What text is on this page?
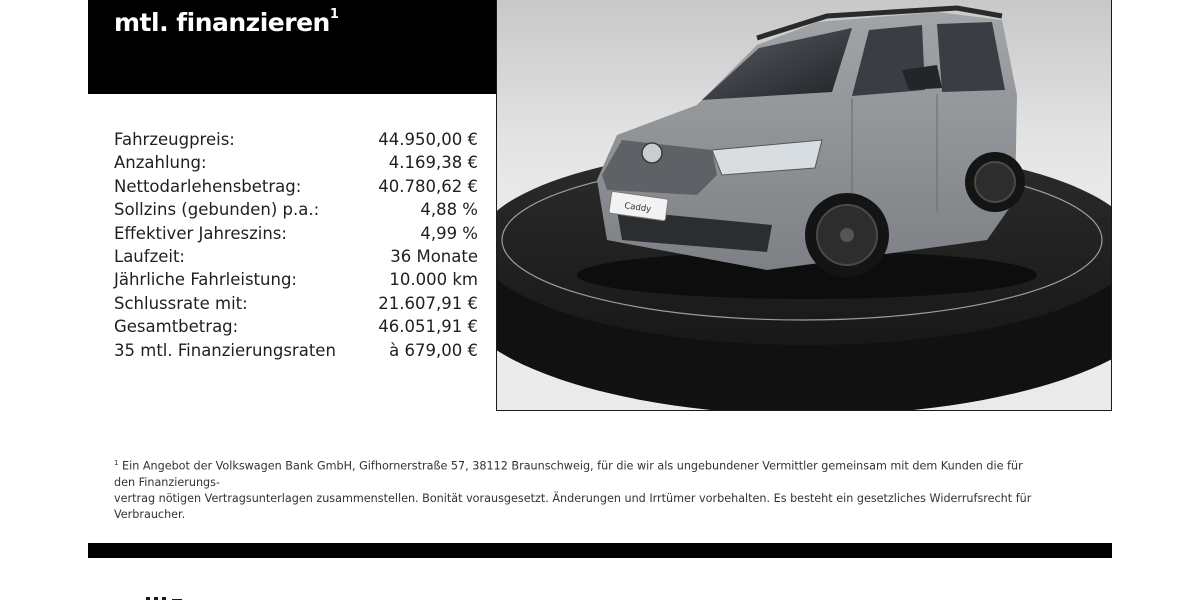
mtl. finanzieren$^1$
Fahrzeugpreis:	44.950,00 €
Anzahlung:	4.169,38 €
Nettodarlehensbetrag:	40.780,62 €
Sollzins (gebunden) p.a.:	4,88 %
Effektiver Jahreszins:	4,99 %
Laufzeit:	36 Monate
Jährliche Fahrleistung:	10.000 km
Schlussrate mit:	21.607,91 €
Gesamtbetrag:	46.051,91 €
35 mtl. Finanzierungsraten	à 679,00 €
Caddy
$^1$ Ein Angebot der Volkswagen Bank GmbH, Gifhornerstraße 57, 38112 Braunschweig, für die wir als ungebundener Vermittler gemeinsam mit dem Kunden die für den Finanzierungs-
vertrag nötigen Vertragsunterlagen zusammenstellen. Bonität vorausgesetzt. Änderungen und Irrtümer vorbehalten. Es besteht ein gesetzliches Widerrufsrecht für Verbraucher.
